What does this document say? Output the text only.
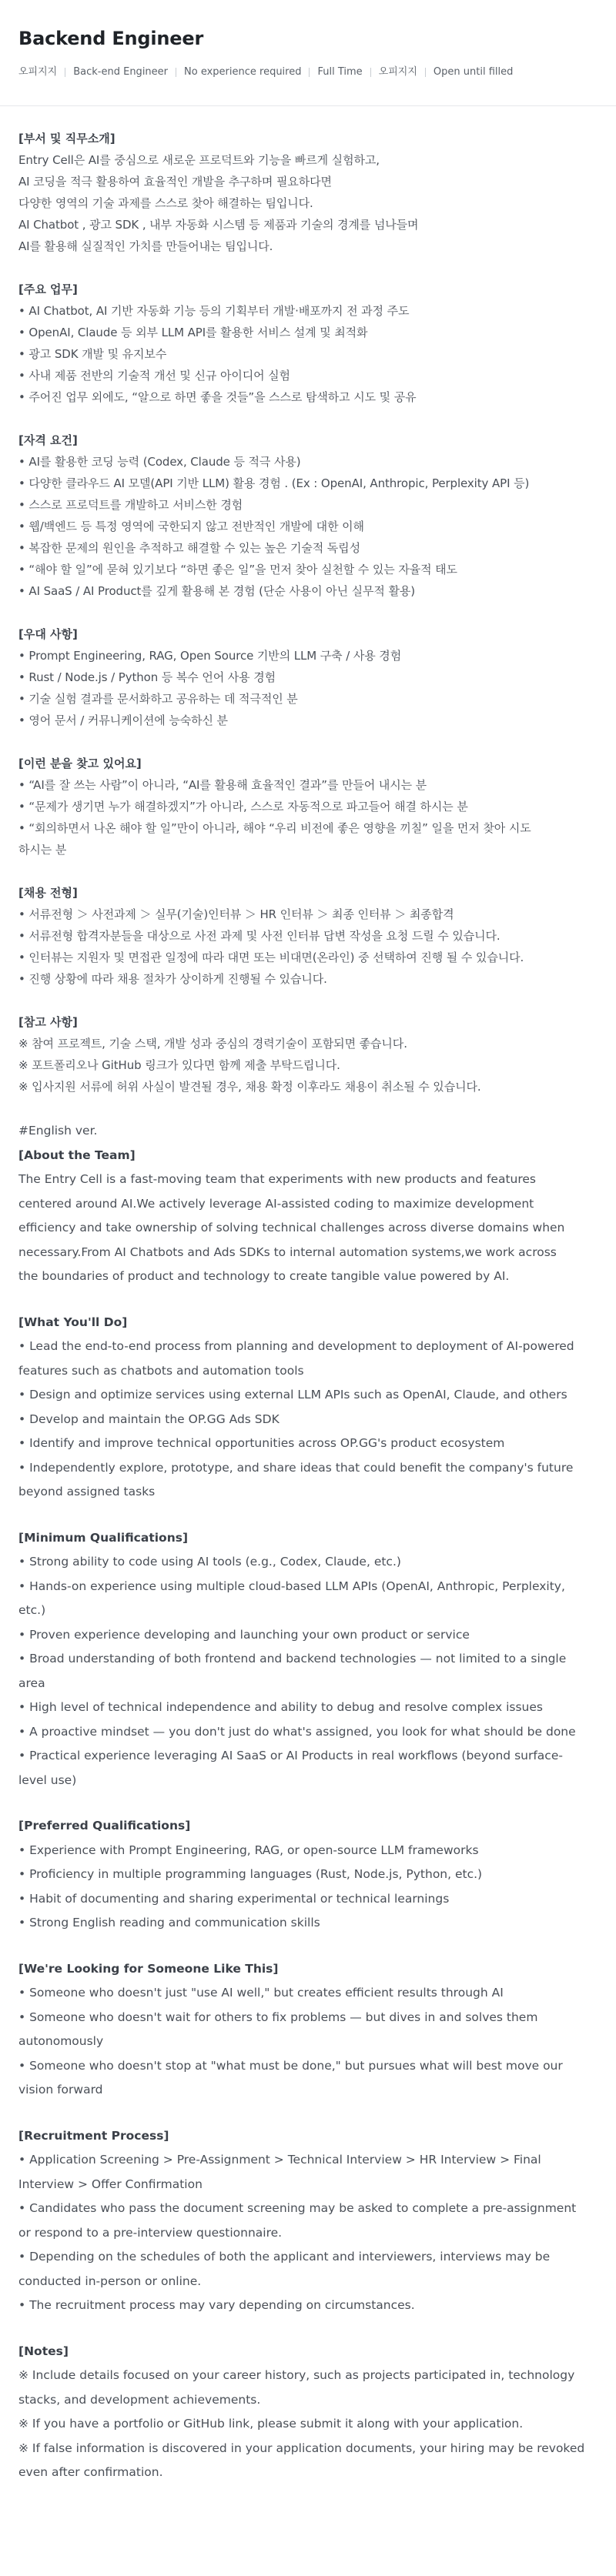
Backend Engineer
오피지지 Back-end Engineer No experience required Full Time 오피지지 Open until filled
[부서 및 직무소개]
Entry Cell은 AI를 중심으로 새로운 프로덕트와 기능을 빠르게 실험하고,
AI 코딩을 적극 활용하여 효율적인 개발을 추구하며 필요하다면
다양한 영역의 기술 과제를 스스로 찾아 해결하는 팀입니다.
AI Chatbot , 광고 SDK , 내부 자동화 시스템 등 제품과 기술의 경계를 넘나들며
AI를 활용해 실질적인 가치를 만들어내는 팀입니다.
[주요 업무]
• AI Chatbot, AI 기반 자동화 기능 등의 기획부터 개발·배포까지 전 과정 주도
• OpenAI, Claude 등 외부 LLM API를 활용한 서비스 설계 및 최적화
• 광고 SDK 개발 및 유지보수
• 사내 제품 전반의 기술적 개선 및 신규 아이디어 실험
• 주어진 업무 외에도, “알으로 하면 좋을 것들”을 스스로 탐색하고 시도 및 공유
[자격 요건]
• AI를 활용한 코딩 능력 (Codex, Claude 등 적극 사용)
• 다양한 클라우드 AI 모델(API 기반 LLM) 활용 경험 . (Ex : OpenAI, Anthropic, Perplexity API 등)
• 스스로 프로덕트를 개발하고 서비스한 경험
• 웹/백엔드 등 특정 영역에 국한되지 않고 전반적인 개발에 대한 이해
• 복잡한 문제의 원인을 추적하고 해결할 수 있는 높은 기술적 독립성
• “해야 할 일”에 묻혀 있기보다 “하면 좋은 일”을 먼저 찾아 실천할 수 있는 자율적 태도
• AI SaaS / AI Product를 깊게 활용해 본 경험 (단순 사용이 아닌 실무적 활용)
[우대 사항]
• Prompt Engineering, RAG, Open Source 기반의 LLM 구축 / 사용 경험
• Rust / Node.js / Python 등 복수 언어 사용 경험
• 기술 실험 결과를 문서화하고 공유하는 데 적극적인 분
• 영어 문서 / 커뮤니케이션에 능숙하신 분
[이런 분을 찾고 있어요]
• “AI를 잘 쓰는 사람”이 아니라, “AI를 활용해 효율적인 결과”를 만들어 내시는 분
• “문제가 생기면 누가 해결하겠지”가 아니라, 스스로 자동적으로 파고들어 해결 하시는 분
• “회의하면서 나온 해야 할 일”만이 아니라, 해야 “우리 비전에 좋은 영향을 끼칠” 일을 먼저 찾아 시도
하시는 분
[채용 전형]
• 서류전형 ＞ 사전과제 ＞ 실무(기술)인터뷰 ＞ HR 인터뷰 ＞ 최종 인터뷰 ＞ 최종합격
• 서류전형 합격자분들을 대상으로 사전 과제 및 사전 인터뷰 답변 작성을 요청 드릴 수 있습니다.
• 인터뷰는 지원자 및 면접관 일정에 따라 대면 또는 비대면(온라인) 중 선택하여 진행 될 수 있습니다.
• 진행 상황에 따라 채용 절차가 상이하게 진행될 수 있습니다.
[참고 사항]
※ 참여 프로젝트, 기술 스택, 개발 성과 중심의 경력기술이 포함되면 좋습니다.
※ 포트폴리오나 GitHub 링크가 있다면 함께 제출 부탁드립니다.
※ 입사지원 서류에 허위 사실이 발견될 경우, 채용 확정 이후라도 채용이 취소될 수 있습니다.
#English ver.
[About the Team]
The Entry Cell is a fast-moving team that experiments with new products and features
centered around AI.We actively leverage AI-assisted coding to maximize development
efficiency and take ownership of solving technical challenges across diverse domains when
necessary.From AI Chatbots and Ads SDKs to internal automation systems,we work across
the boundaries of product and technology to create tangible value powered by AI.
[What You'll Do]
• Lead the end-to-end process from planning and development to deployment of AI-powered
features such as chatbots and automation tools
• Design and optimize services using external LLM APIs such as OpenAI, Claude, and others
• Develop and maintain the OP.GG Ads SDK
• Identify and improve technical opportunities across OP.GG's product ecosystem
• Independently explore, prototype, and share ideas that could benefit the company's future
beyond assigned tasks
[Minimum Qualifications]
• Strong ability to code using AI tools (e.g., Codex, Claude, etc.)
• Hands-on experience using multiple cloud-based LLM APIs (OpenAI, Anthropic, Perplexity,
etc.)
• Proven experience developing and launching your own product or service
• Broad understanding of both frontend and backend technologies — not limited to a single
area
• High level of technical independence and ability to debug and resolve complex issues
• A proactive mindset — you don't just do what's assigned, you look for what should be done
• Practical experience leveraging AI SaaS or AI Products in real workflows (beyond surface-
level use)
[Preferred Qualifications]
• Experience with Prompt Engineering, RAG, or open-source LLM frameworks
• Proficiency in multiple programming languages (Rust, Node.js, Python, etc.)
• Habit of documenting and sharing experimental or technical learnings
• Strong English reading and communication skills
[We're Looking for Someone Like This]
• Someone who doesn't just "use AI well," but creates efficient results through AI
• Someone who doesn't wait for others to fix problems — but dives in and solves them
autonomously
• Someone who doesn't stop at "what must be done," but pursues what will best move our
vision forward
[Recruitment Process]
• Application Screening > Pre-Assignment > Technical Interview > HR Interview > Final
Interview > Offer Confirmation
• Candidates who pass the document screening may be asked to complete a pre-assignment
or respond to a pre-interview questionnaire.
• Depending on the schedules of both the applicant and interviewers, interviews may be
conducted in-person or online.
• The recruitment process may vary depending on circumstances.
[Notes]
※ Include details focused on your career history, such as projects participated in, technology
stacks, and development achievements.
※ If you have a portfolio or GitHub link, please submit it along with your application.
※ If false information is discovered in your application documents, your hiring may be revoked
even after confirmation.
